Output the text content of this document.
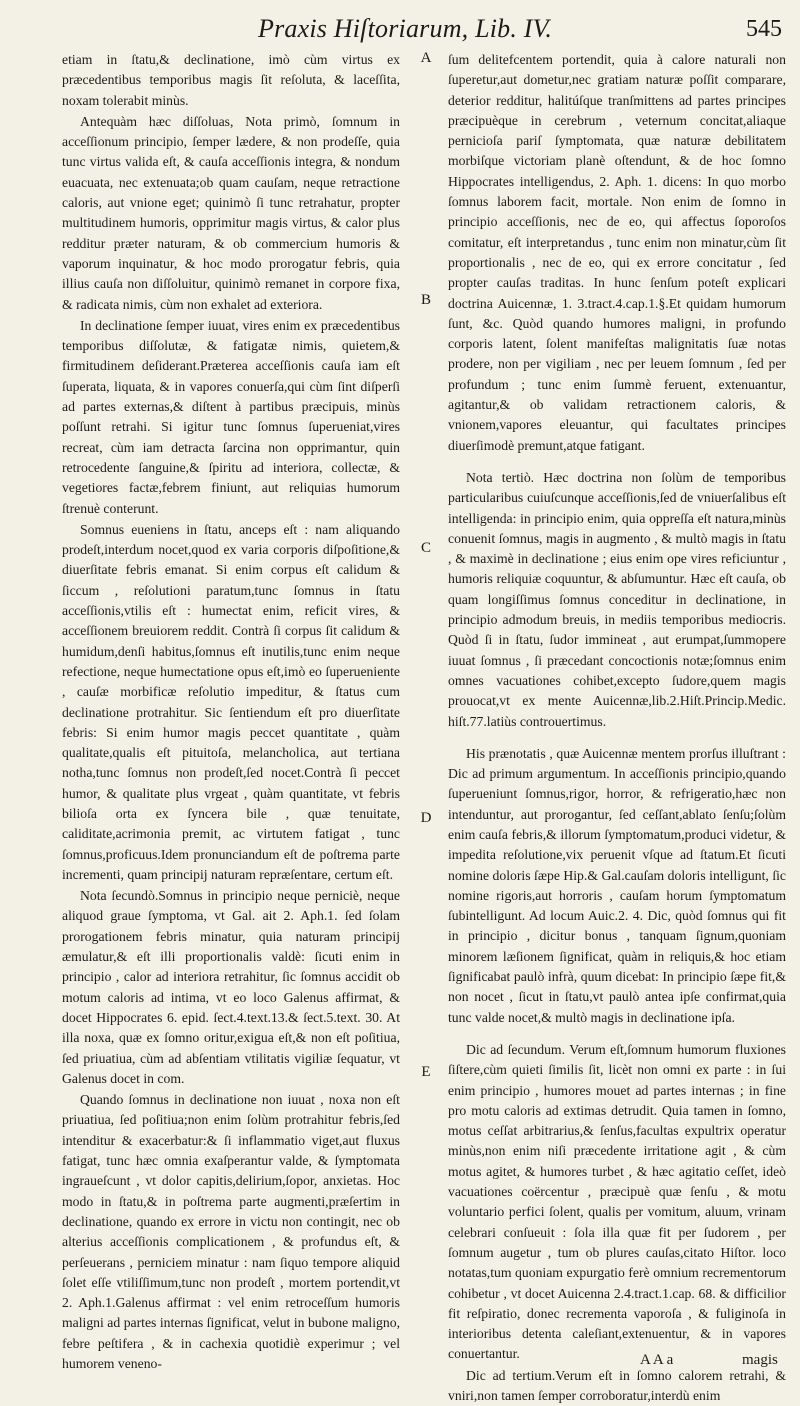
Praxis Hiſtoriarum, Lib. IV.	545

etiam in ſtatu,& declinatione, imò cùm virtus ex præcedentibus temporibus magis ſit reſoluta, & laceſſita, noxam tolerabit minùs.

Antequàm hæc diſſoluas, Nota primò, ſomnum in acceſſionum principio, ſemper lædere, & non prodeſſe, quia tunc virtus valida eſt, & cauſa acceſſionis integra, & nondum euacuata, nec extenuata;ob quam cauſam, neque retractione caloris, aut vnione eget; quinimò ſi tunc retrahatur, propter multitudinem humoris, opprimitur magis virtus, & calor plus redditur præter naturam, & ob commercium humoris & vaporum inquinatur, & hoc modo prorogatur febris, quia illius cauſa non diſſoluitur, quinimò remanet in corpore fixa, & radicata nimis, cùm non exhalet ad exteriora.

In declinatione ſemper iuuat, vires enim ex præcedentibus temporibus diſſolutæ, & fatigatæ nimis, quietem,& firmitudinem deſiderant.Præterea acceſſionis cauſa iam eſt ſuperata, liquata, & in vapores conuerſa,qui cùm ſint diſperſi ad partes externas,& diſtent à partibus præcipuis, minùs poſſunt retrahi. Si igitur tunc ſomnus ſuperueniat,vires recreat, cùm iam detracta ſarcina non opprimantur, quin retrocedente ſanguine,& ſpiritu ad interiora, collectæ, & vegetiores factæ,febrem finiunt, aut reliquias humorum ſtrenuè conterunt.

Somnus eueniens in ſtatu, anceps eſt : nam aliquando prodeſt,interdum nocet,quod ex varia corporis diſpoſitione,& diuerſitate febris emanat. Si enim corpus eſt calidum & ſiccum , reſolutioni paratum,tunc ſomnus in ſtatu acceſſionis,vtilis eſt : humectat enim, reficit vires, & acceſſionem breuiorem reddit. Contrà ſi corpus ſit calidum & humidum,denſi habitus,ſomnus eſt inutilis,tunc enim neque refectione, neque humectatione opus eſt,imò eo ſuperueniente , cauſæ morbificæ reſolutio impeditur, & ſtatus cum declinatione protrahitur. Sic ſentiendum eſt pro diuerſitate febris: Si enim humor magis peccet quantitate , quàm qualitate,qualis eſt pituitoſa, melancholica, aut tertiana notha,tunc ſomnus non prodeſt,ſed nocet.Contrà ſi peccet humor, & qualitate plus vrgeat , quàm quantitate, vt febris bilioſa orta ex ſyncera bile , quæ tenuitate, caliditate,acrimonia premit, ac virtutem fatigat , tunc ſomnus,proficuus.Idem pronunciandum eſt de poſtrema parte incrementi, quam principij naturam repræſentare, certum eſt.

Nota ſecundò.Somnus in principio neque perniciè, neque aliquod graue ſymptoma, vt Gal. ait 2. Aph.1. ſed ſolam prorogationem febris minatur, quia naturam principij æmulatur,& eſt illi proportionalis valdè: ſicuti enim in principio , calor ad interiora retrahitur, ſic ſomnus accidit ob motum caloris ad intima, vt eo loco Galenus affirmat, & docet Hippocrates 6. epid. ſect.4.text.13.& ſect.5.text. 30. At illa noxa, quæ ex ſomno oritur,exigua eſt,& non eſt poſitiua, ſed priuatiua, cùm ad abſentiam vtilitatis vigiliæ ſequatur, vt Galenus docet in com.

Quando ſomnus in declinatione non iuuat , noxa non eſt priuatiua, ſed poſitiua;non enim ſolùm protrahitur febris,ſed intenditur & exacerbatur:& ſi inflammatio viget,aut fluxus fatigat, tunc hæc omnia exaſperantur valde, & ſymptomata ingraueſcunt , vt dolor capitis,delirium,ſopor, anxietas. Hoc modo in ſtatu,& in poſtrema parte augmenti,præſertim in declinatione, quando ex errore in victu non contingit, nec ob alterius acceſſionis complicationem , & profundus eſt, & perſeuerans , perniciem minatur : nam ſiquo tempore aliquid ſolet eſſe vtiliſſimum,tunc non prodeſt , mortem portendit,vt 2. Aph.1.Galenus affirmat : vel enim retroceſſum humoris maligni ad partes internas ſignificat, velut in bubone maligno, febre peſtifera , & in cachexia quotidiè experimur ; vel humorem veneno-

A
B
C
D
E

ſum delitefcentem portendit, quia à calore naturali non ſuperetur,aut dometur,nec gratiam naturæ poſſit comparare, deterior redditur, halitúſque tranſmittens ad partes principes præcipuèque in cerebrum , veternum concitat,aliaque pernicioſa pariſ ſymptomata, quæ naturæ debilitatem morbiſque victoriam planè oſtendunt, & de hoc ſomno Hippocrates intelligendus, 2. Aph. 1. dicens: In quo morbo ſomnus laborem facit, mortale. Non enim de ſomno in principio acceſſionis, nec de eo, qui affectus ſoporoſos comitatur, eſt interpretandus , tunc enim non minatur,cùm ſit proportionalis , nec de eo, qui ex errore concitatur , ſed propter cauſas traditas. In hunc ſenſum poteſt explicari doctrina Auicennæ, 1. 3.tract.4.cap.1.§.Et quidam humorum ſunt, &c. Quòd quando humores maligni, in profundo corporis latent, ſolent manifeſtas malignitatis ſuæ notas prodere, non per vigiliam , nec per leuem ſomnum , ſed per profundum ; tunc enim ſummè feruent, extenuantur, agitantur,& ob validam retractionem caloris, & vnionem,vapores eleuantur, qui facultates principes diuerſimodè premunt,atque fatigant.

Nota tertiò. Hæc doctrina non ſolùm de temporibus particularibus cuiuſcunque acceſſionis,ſed de vniuerſalibus eſt intelligenda: in principio enim, quia oppreſſa eſt natura,minùs conuenit ſomnus, magis in augmento , & multò magis in ſtatu , & maximè in declinatione ; eius enim ope vires reficiuntur , humoris reliquiæ coquuntur, & abſumuntur. Hæc eſt cauſa, ob quam longiſſimus ſomnus conceditur in declinatione, in principio admodum breuis, in mediis temporibus mediocris. Quòd ſi in ſtatu, ſudor immineat , aut erumpat,ſummopere iuuat ſomnus , ſi præcedant concoctionis notæ;ſomnus enim omnes vacuationes cohibet,excepto ſudore,quem magis prouocat,vt ex mente Auicennæ,lib.2.Hiſt.Princip.Medic. hiſt.77.latiùs controuertimus.

His prænotatis , quæ Auicennæ mentem prorſus illuſtrant : Dic ad primum argumentum. In acceſſionis principio,quando ſuperueniunt ſomnus,rigor, horror, & refrigeratio,hæc non intenduntur, aut prorogantur, ſed ceſſant,ablato ſenſu;ſolùm enim cauſa febris,& illorum ſymptomatum,produci videtur, & impedita reſolutione,vix peruenit vſque ad ſtatum.Et ſicuti nomine doloris ſæpe Hip.& Gal.cauſam doloris intelligunt, ſic nomine rigoris,aut horroris , cauſam horum ſymptomatum ſubintelligunt. Ad locum Auic.2. 4. Dic, quòd ſomnus qui fit in principio , dicitur bonus , tanquam ſignum,quoniam minorem læſionem ſignificat, quàm in reliquis,& hoc etiam ſignificabat paulò infrà, quum dicebat: In principio ſæpe fit,& non nocet , ſicut in ſtatu,vt paulò antea ipſe confirmat,quia tunc valde nocet,& multò magis in declinatione ipſa.

Dic ad ſecundum. Verum eſt,ſomnum humorum fluxiones ſiſtere,cùm quieti ſimilis ſit, licèt non omni ex parte : in ſui enim principio , humores mouet ad partes internas ; in fine pro motu caloris ad extimas detrudit. Quia tamen in ſomno, motus ceſſat arbitrarius,& ſenſus,facultas expultrix operatur minùs,non enim niſi præcedente irritatione agit , & cùm motus agitet, & humores turbet , & hæc agitatio ceſſet, ideò vacuationes coërcentur , præcipuè quæ ſenſu , & motu voluntario perfici ſolent, qualis per vomitum, aluum, vrinam celebrari conſueuit : ſola illa quæ fit per ſudorem , per ſomnum augetur , tum ob plures cauſas,citato Hiſtor. loco notatas,tum quoniam expurgatio ferè omnium recrementorum cohibetur , vt docet Auicenna 2.4.tract.1.cap. 68. & difficilior fit reſpiratio, donec recrementa vaporoſa , & fuliginoſa in interioribus detenta caleſiant,extenuentur, & in vapores conuertantur.

Dic ad tertium.Verum eſt in ſomno calorem retrahi, & vniri,non tamen ſemper corroboratur,interdù enim

A A a	magis
